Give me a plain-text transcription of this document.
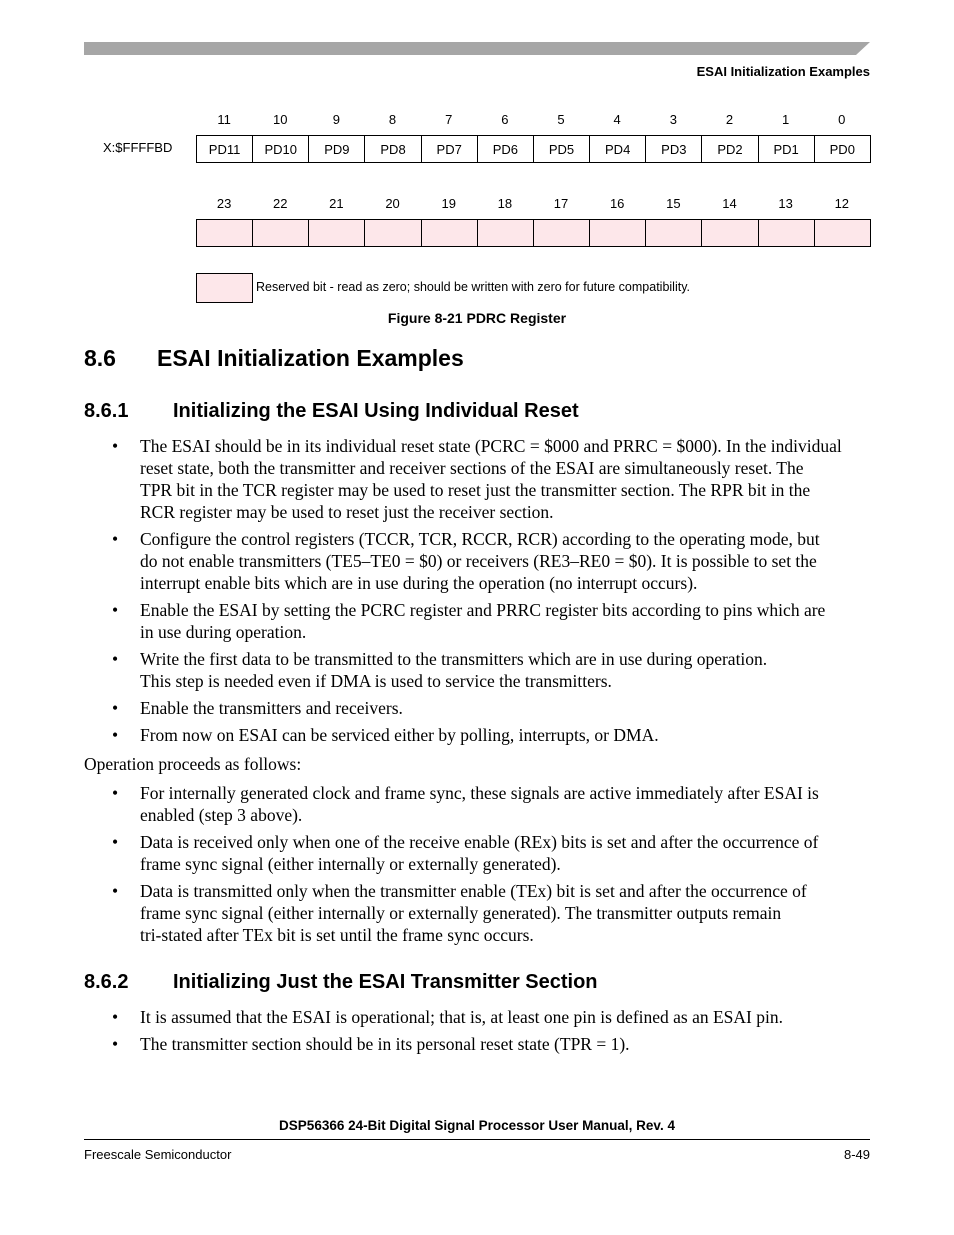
ESAI Initialization Examples
X:$FFFFBD
11	10	9	8	7	6	5	4	3	2	1	0
PD11	PD10	PD9	PD8	PD7	PD6	PD5	PD4	PD3	PD2	PD1	PD0
23	22	21	20	19	18	17	16	15	14	13	12
Reserved bit - read as zero; should be written with zero for future compatibility.
Figure 8-21 PDRC Register
8.6 ESAI Initialization Examples
8.6.1 Initializing the ESAI Using Individual Reset
• The ESAI should be in its individual reset state (PCRC = $000 and PRRC = $000). In the individual
reset state, both the transmitter and receiver sections of the ESAI are simultaneously reset. The
TPR bit in the TCR register may be used to reset just the transmitter section. The RPR bit in the
RCR register may be used to reset just the receiver section.
• Configure the control registers (TCCR, TCR, RCCR, RCR) according to the operating mode, but
do not enable transmitters (TE5–TE0 = $0) or receivers (RE3–RE0 = $0). It is possible to set the
interrupt enable bits which are in use during the operation (no interrupt occurs).
• Enable the ESAI by setting the PCRC register and PRRC register bits according to pins which are
in use during operation.
• Write the first data to be transmitted to the transmitters which are in use during operation.
This step is needed even if DMA is used to service the transmitters.
• Enable the transmitters and receivers.
• From now on ESAI can be serviced either by polling, interrupts, or DMA.
Operation proceeds as follows:
• For internally generated clock and frame sync, these signals are active immediately after ESAI is
enabled (step 3 above).
• Data is received only when one of the receive enable (REx) bits is set and after the occurrence of
frame sync signal (either internally or externally generated).
• Data is transmitted only when the transmitter enable (TEx) bit is set and after the occurrence of
frame sync signal (either internally or externally generated). The transmitter outputs remain
tri-stated after TEx bit is set until the frame sync occurs.
8.6.2 Initializing Just the ESAI Transmitter Section
• It is assumed that the ESAI is operational; that is, at least one pin is defined as an ESAI pin.
• The transmitter section should be in its personal reset state (TPR = 1).
DSP56366 24-Bit Digital Signal Processor User Manual, Rev. 4
Freescale Semiconductor	8-49
